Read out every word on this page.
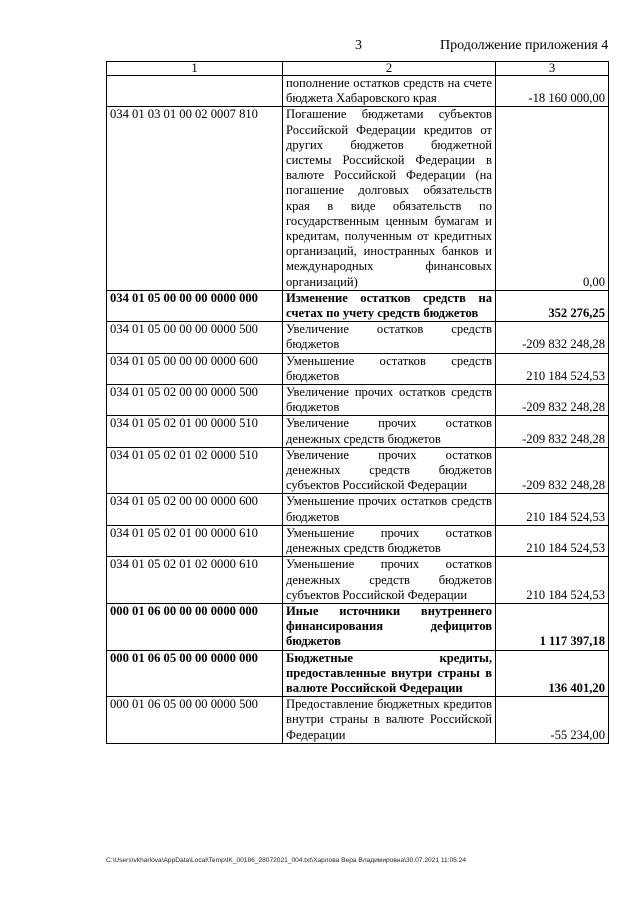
3	Продолжение приложения 4
1	2	3
	пополнение остатков средств на счете бюджета Хабаровского края	-18 160 000,00
034 01 03 01 00 02 0007 810	Погашение бюджетами субъектов Российской Федерации кредитов от других бюджетов бюджетной системы Российской Федерации в валюте Российской Федерации (на погашение долговых обязательств края в виде обязательств по государственным ценным бумагам и кредитам, полученным от кредитных организаций, иностранных банков и международных финансовых организаций)	0,00
034 01 05 00 00 00 0000 000	Изменение остатков средств на счетах по учету средств бюджетов	352 276,25
034 01 05 00 00 00 0000 500	Увеличение остатков средств бюджетов	-209 832 248,28
034 01 05 00 00 00 0000 600	Уменьшение остатков средств бюджетов	210 184 524,53
034 01 05 02 00 00 0000 500	Увеличение прочих остатков средств бюджетов	-209 832 248,28
034 01 05 02 01 00 0000 510	Увеличение прочих остатков денежных средств бюджетов	-209 832 248,28
034 01 05 02 01 02 0000 510	Увеличение прочих остатков денежных средств бюджетов субъектов Российской Федерации	-209 832 248,28
034 01 05 02 00 00 0000 600	Уменьшение прочих остатков средств бюджетов	210 184 524,53
034 01 05 02 01 00 0000 610	Уменьшение прочих остатков денежных средств бюджетов	210 184 524,53
034 01 05 02 01 02 0000 610	Уменьшение прочих остатков денежных средств бюджетов субъектов Российской Федерации	210 184 524,53
000 01 06 00 00 00 0000 000	Иные источники внутреннего финансирования дефицитов бюджетов	1 117 397,18
000 01 06 05 00 00 0000 000	Бюджетные кредиты, предоставленные внутри страны в валюте Российской Федерации	136 401,20
000 01 06 05 00 00 0000 500	Предоставление бюджетных кредитов внутри страны в валюте Российской Федерации	-55 234,00
C:\Users\vkharlova\AppData\Local\Temp\IK_00186_28072021_004.txt\Харлова Вера Владимировна\30.07.2021 11:05:24
